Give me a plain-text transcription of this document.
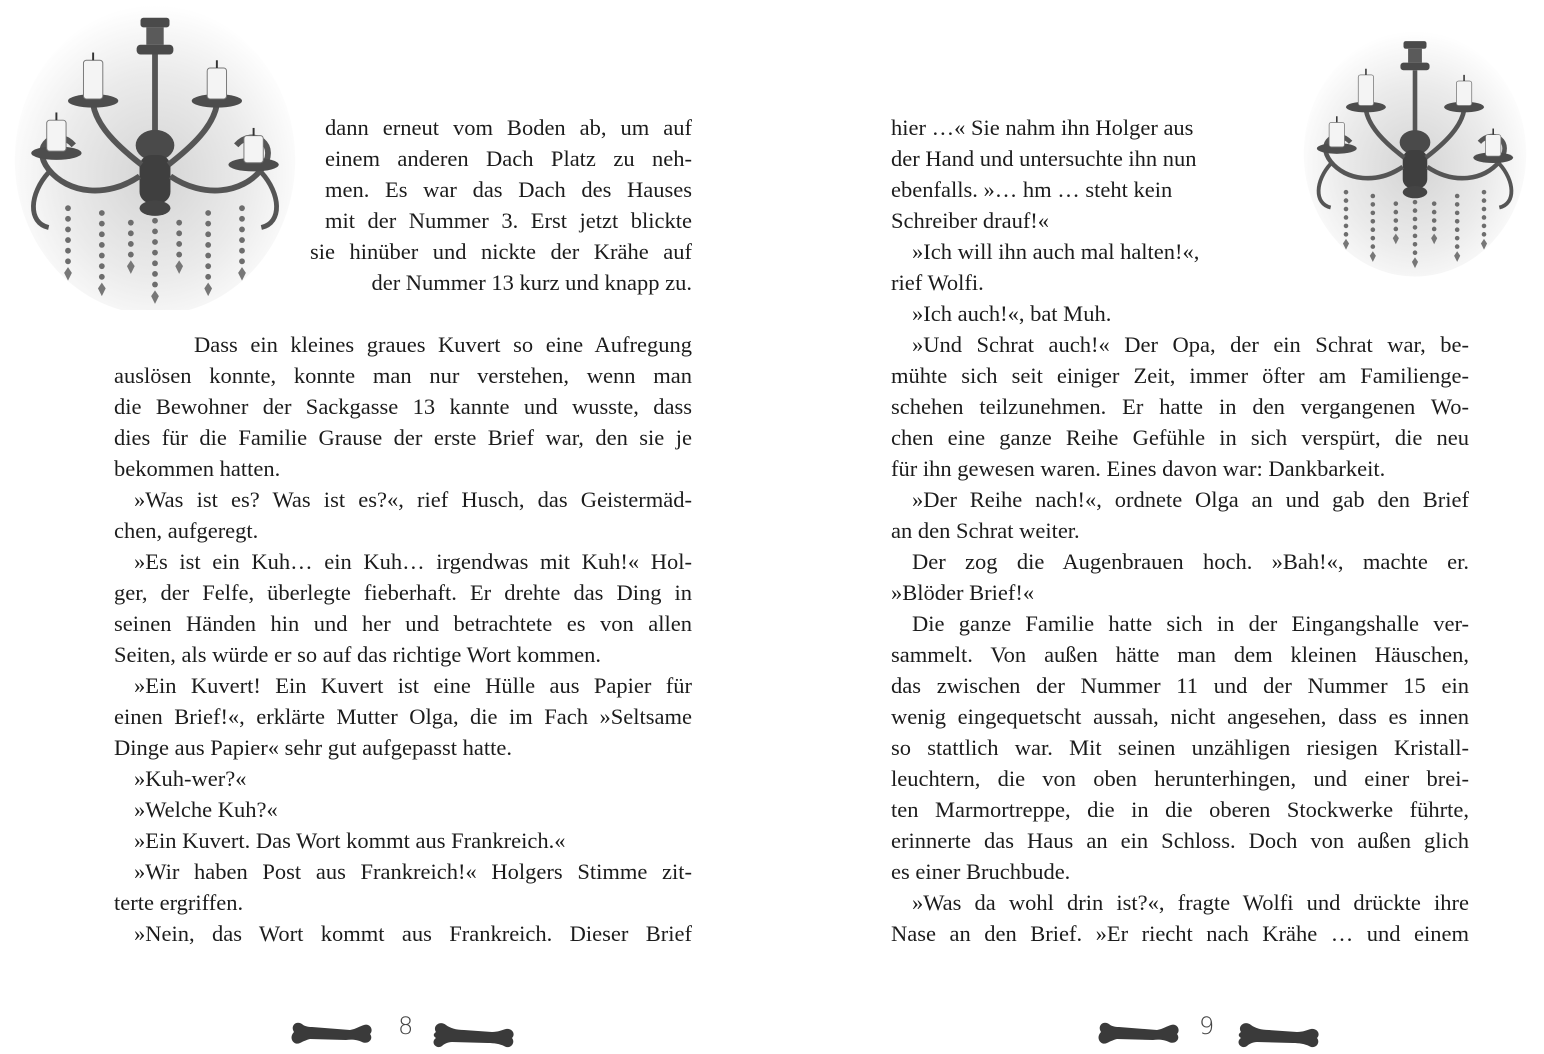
dann erneut vom Boden ab, um auf

einem anderen Dach Platz zu neh-

men. Es war das Dach des Hauses

mit der Nummer 3. Erst jetzt blickte

sie hinüber und nickte der Krähe auf

der Nummer 13 kurz und knapp zu.

Dass ein kleines graues Kuvert so eine Aufregung

auslösen konnte, konnte man nur verstehen, wenn man

die Bewohner der Sackgasse 13 kannte und wusste, dass

dies für die Familie Grause der erste Brief war, den sie je

bekommen hatten.

»Was ist es? Was ist es?«, rief Husch, das Geistermäd-

chen, aufgeregt.

»Es ist ein Kuh… ein Kuh… irgendwas mit Kuh!« Hol-

ger, der Felfe, überlegte fieberhaft. Er drehte das Ding in

seinen Händen hin und her und betrachtete es von allen

Seiten, als würde er so auf das richtige Wort kommen.

»Ein Kuvert! Ein Kuvert ist eine Hülle aus Papier für

einen Brief!«, erklärte Mutter Olga, die im Fach »Seltsame

Dinge aus Papier« sehr gut aufgepasst hatte.

»Kuh-wer?«

»Welche Kuh?«

»Ein Kuvert. Das Wort kommt aus Frankreich.«

»Wir haben Post aus Frankreich!« Holgers Stimme zit-

terte ergriffen.

»Nein, das Wort kommt aus Frankreich. Dieser Brief

8

hier …« Sie nahm ihn Holger aus

der Hand und untersuchte ihn nun

ebenfalls. »… hm … steht kein

Schreiber drauf!«

»Ich will ihn auch mal halten!«,

rief Wolfi.

»Ich auch!«, bat Muh.

»Und Schrat auch!« Der Opa, der ein Schrat war, be-

mühte sich seit einiger Zeit, immer öfter am Familienge-

schehen teilzunehmen. Er hatte in den vergangenen Wo-

chen eine ganze Reihe Gefühle in sich verspürt, die neu

für ihn gewesen waren. Eines davon war: Dankbarkeit.

»Der Reihe nach!«, ordnete Olga an und gab den Brief

an den Schrat weiter.

Der zog die Augenbrauen hoch. »Bah!«, machte er.

»Blöder Brief!«

Die ganze Familie hatte sich in der Eingangshalle ver-

sammelt. Von außen hätte man dem kleinen Häuschen,

das zwischen der Nummer 11 und der Nummer 15 ein

wenig eingequetscht aussah, nicht angesehen, dass es innen

so stattlich war. Mit seinen unzähligen riesigen Kristall-

leuchtern, die von oben herunterhingen, und einer brei-

ten Marmortreppe, die in die oberen Stockwerke führte,

erinnerte das Haus an ein Schloss. Doch von außen glich

es einer Bruchbude.

»Was da wohl drin ist?«, fragte Wolfi und drückte ihre

Nase an den Brief. »Er riecht nach Krähe … und einem

9
